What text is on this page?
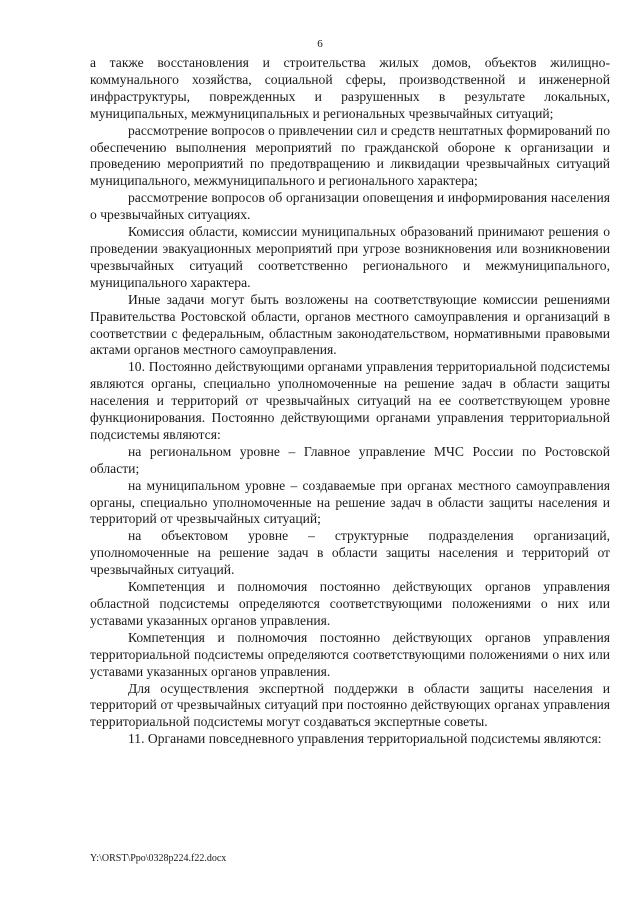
6

а также восстановления и строительства жилых домов, объектов жилищно-коммунального хозяйства, социальной сферы, производственной и инженерной инфраструктуры, поврежденных и разрушенных в результате локальных, муниципальных, межмуниципальных и региональных чрезвычайных ситуаций;

рассмотрение вопросов о привлечении сил и средств нештатных формирований по обеспечению выполнения мероприятий по гражданской обороне к организации и проведению мероприятий по предотвращению и ликвидации чрезвычайных ситуаций муниципального, межмуниципального и регионального характера;

рассмотрение вопросов об организации оповещения и информирования населения о чрезвычайных ситуациях.

Комиссия области, комиссии муниципальных образований принимают решения о проведении эвакуационных мероприятий при угрозе возникновения или возникновении чрезвычайных ситуаций соответственно регионального и межмуниципального, муниципального характера.

Иные задачи могут быть возложены на соответствующие комиссии решениями Правительства Ростовской области, органов местного самоуправления и организаций в соответствии с федеральным, областным законодательством, нормативными правовыми актами органов местного самоуправления.

10. Постоянно действующими органами управления территориальной подсистемы являются органы, специально уполномоченные на решение задач в области защиты населения и территорий от чрезвычайных ситуаций на ее соответствующем уровне функционирования. Постоянно действующими органами управления территориальной подсистемы являются:

на региональном уровне – Главное управление МЧС России по Ростовской области;

на муниципальном уровне – создаваемые при органах местного самоуправления органы, специально уполномоченные на решение задач в области защиты населения и территорий от чрезвычайных ситуаций;

на объектовом уровне – структурные подразделения организаций, уполномоченные на решение задач в области защиты населения и территорий от чрезвычайных ситуаций.

Компетенция и полномочия постоянно действующих органов управления областной подсистемы определяются соответствующими положениями о них или уставами указанных органов управления.

Компетенция и полномочия постоянно действующих органов управления территориальной подсистемы определяются соответствующими положениями о них или уставами указанных органов управления.

Для осуществления экспертной поддержки в области защиты населения и территорий от чрезвычайных ситуаций при постоянно действующих органах управления территориальной подсистемы могут создаваться экспертные советы.

11. Органами повседневного управления территориальной подсистемы являются:

Y:\ORST\Ppo\0328p224.f22.docx
